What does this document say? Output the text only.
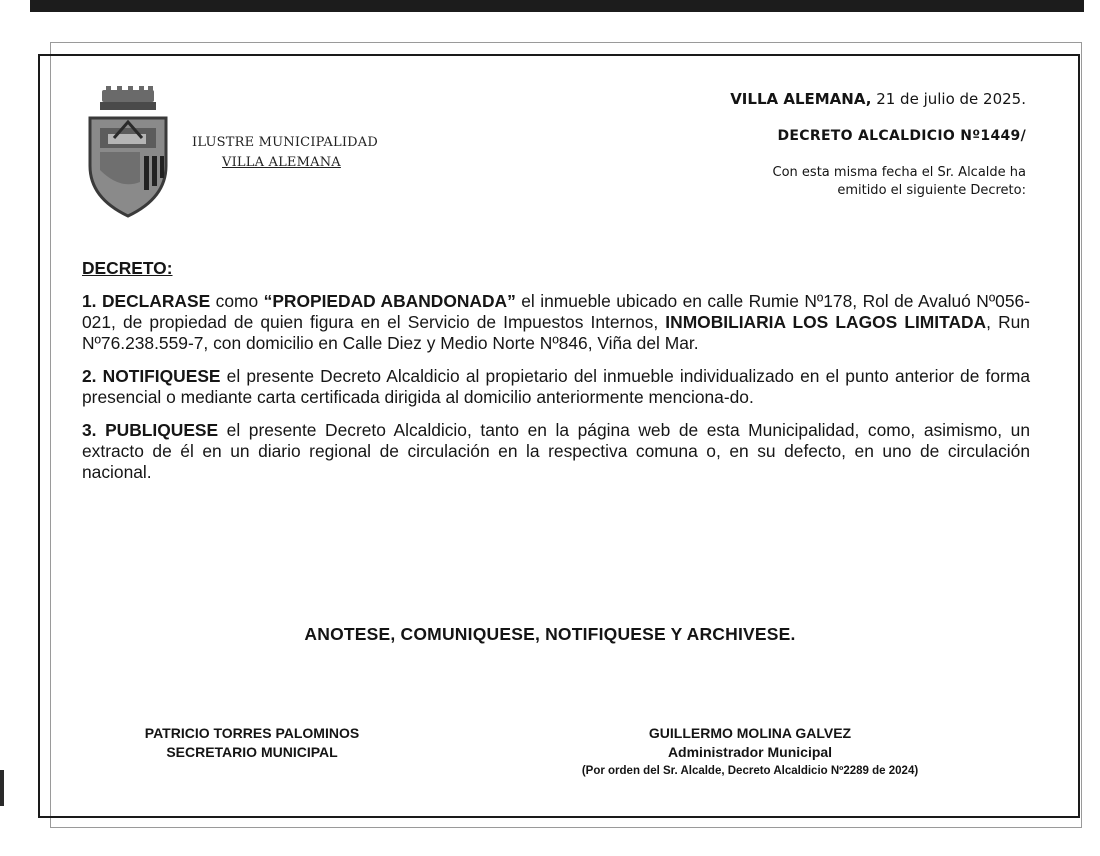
ILUSTRE MUNICIPALIDAD
VILLA ALEMANA
VILLA ALEMANA, 21 de julio de 2025.
DECRETO ALCALDICIO Nº1449/
Con esta misma fecha el Sr. Alcalde ha
emitido el siguiente Decreto:
DECRETO:

1. DECLARASE como “PROPIEDAD ABANDONADA” el inmueble ubicado en calle Rumie Nº178, Rol de Avaluó Nº056-021, de propiedad de quien figura en el Servicio de Impuestos Internos, INMOBILIARIA LOS LAGOS LIMITADA, Run Nº76.238.559-7, con domicilio en Calle Diez y Medio Norte Nº846, Viña del Mar.

2. NOTIFIQUESE el presente Decreto Alcaldicio al propietario del inmueble individualizado en el punto anterior de forma presencial o mediante carta certificada dirigida al domicilio anteriormente menciona-do.

3. PUBLIQUESE el presente Decreto Alcaldicio, tanto en la página web de esta Municipalidad, como, asimismo, un extracto de él en un diario regional de circulación en la respectiva comuna o, en su defecto, en uno de circulación nacional.

ANOTESE, COMUNIQUESE, NOTIFIQUESE Y ARCHIVESE.
PATRICIO TORRES PALOMINOS
SECRETARIO MUNICIPAL
GUILLERMO MOLINA GALVEZ
Administrador Municipal
(Por orden del Sr. Alcalde, Decreto Alcaldicio Nº2289 de 2024)
